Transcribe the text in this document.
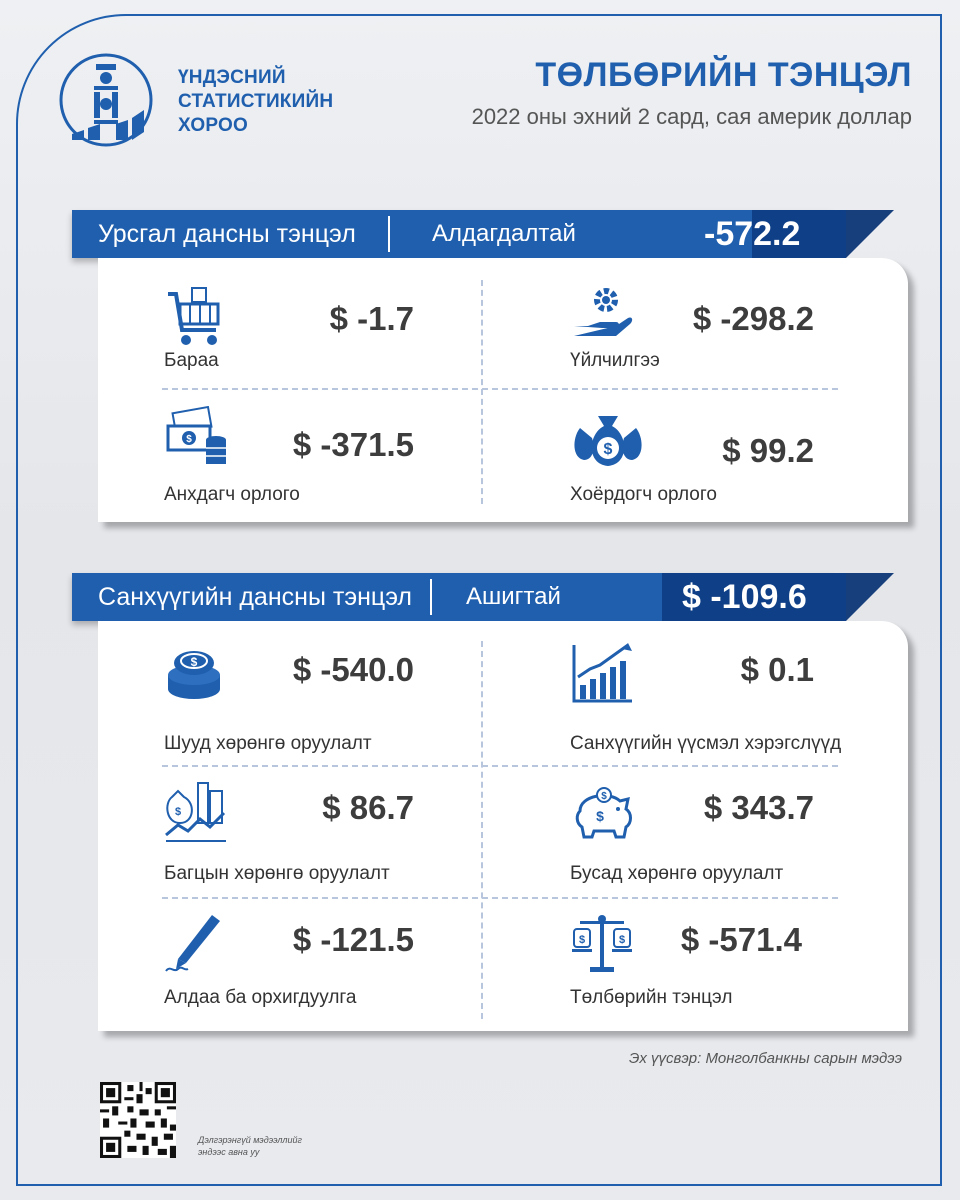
ҮНДЭСНИЙ
СТАТИСТИКИЙН
ХОРОО
ТӨЛБӨРИЙН ТЭНЦЭЛ
2022 оны эхний 2 сард, сая америк доллар
Урсгал дансны тэнцэл	Алдагдалтай	-572.2
$ -1.7
Бараа
$ -298.2
Үйлчилгээ
$	$ -371.5
Анхдагч орлого
$	$ 99.2
Хоёрдогч орлого
Санхүүгийн дансны тэнцэл Ашигтай	$ -109.6
$	$ -540.0
Шууд хөрөнгө оруулалт
$ 0.1
Санхүүгийн үүсмэл хэрэгслүүд
$	$ 86.7
Багцын хөрөнгө оруулалт
$
$	$ 343.7
Бусад хөрөнгө оруулалт
$ -121.5
Алдаа ба орхигдуулга
$	$ $ -571.4
Төлбөрийн тэнцэл
Эх үүсвэр: Монголбанкны сарын мэдээ
Дэлгэрэнгүй мэдээллийг
эндээс авна уу
